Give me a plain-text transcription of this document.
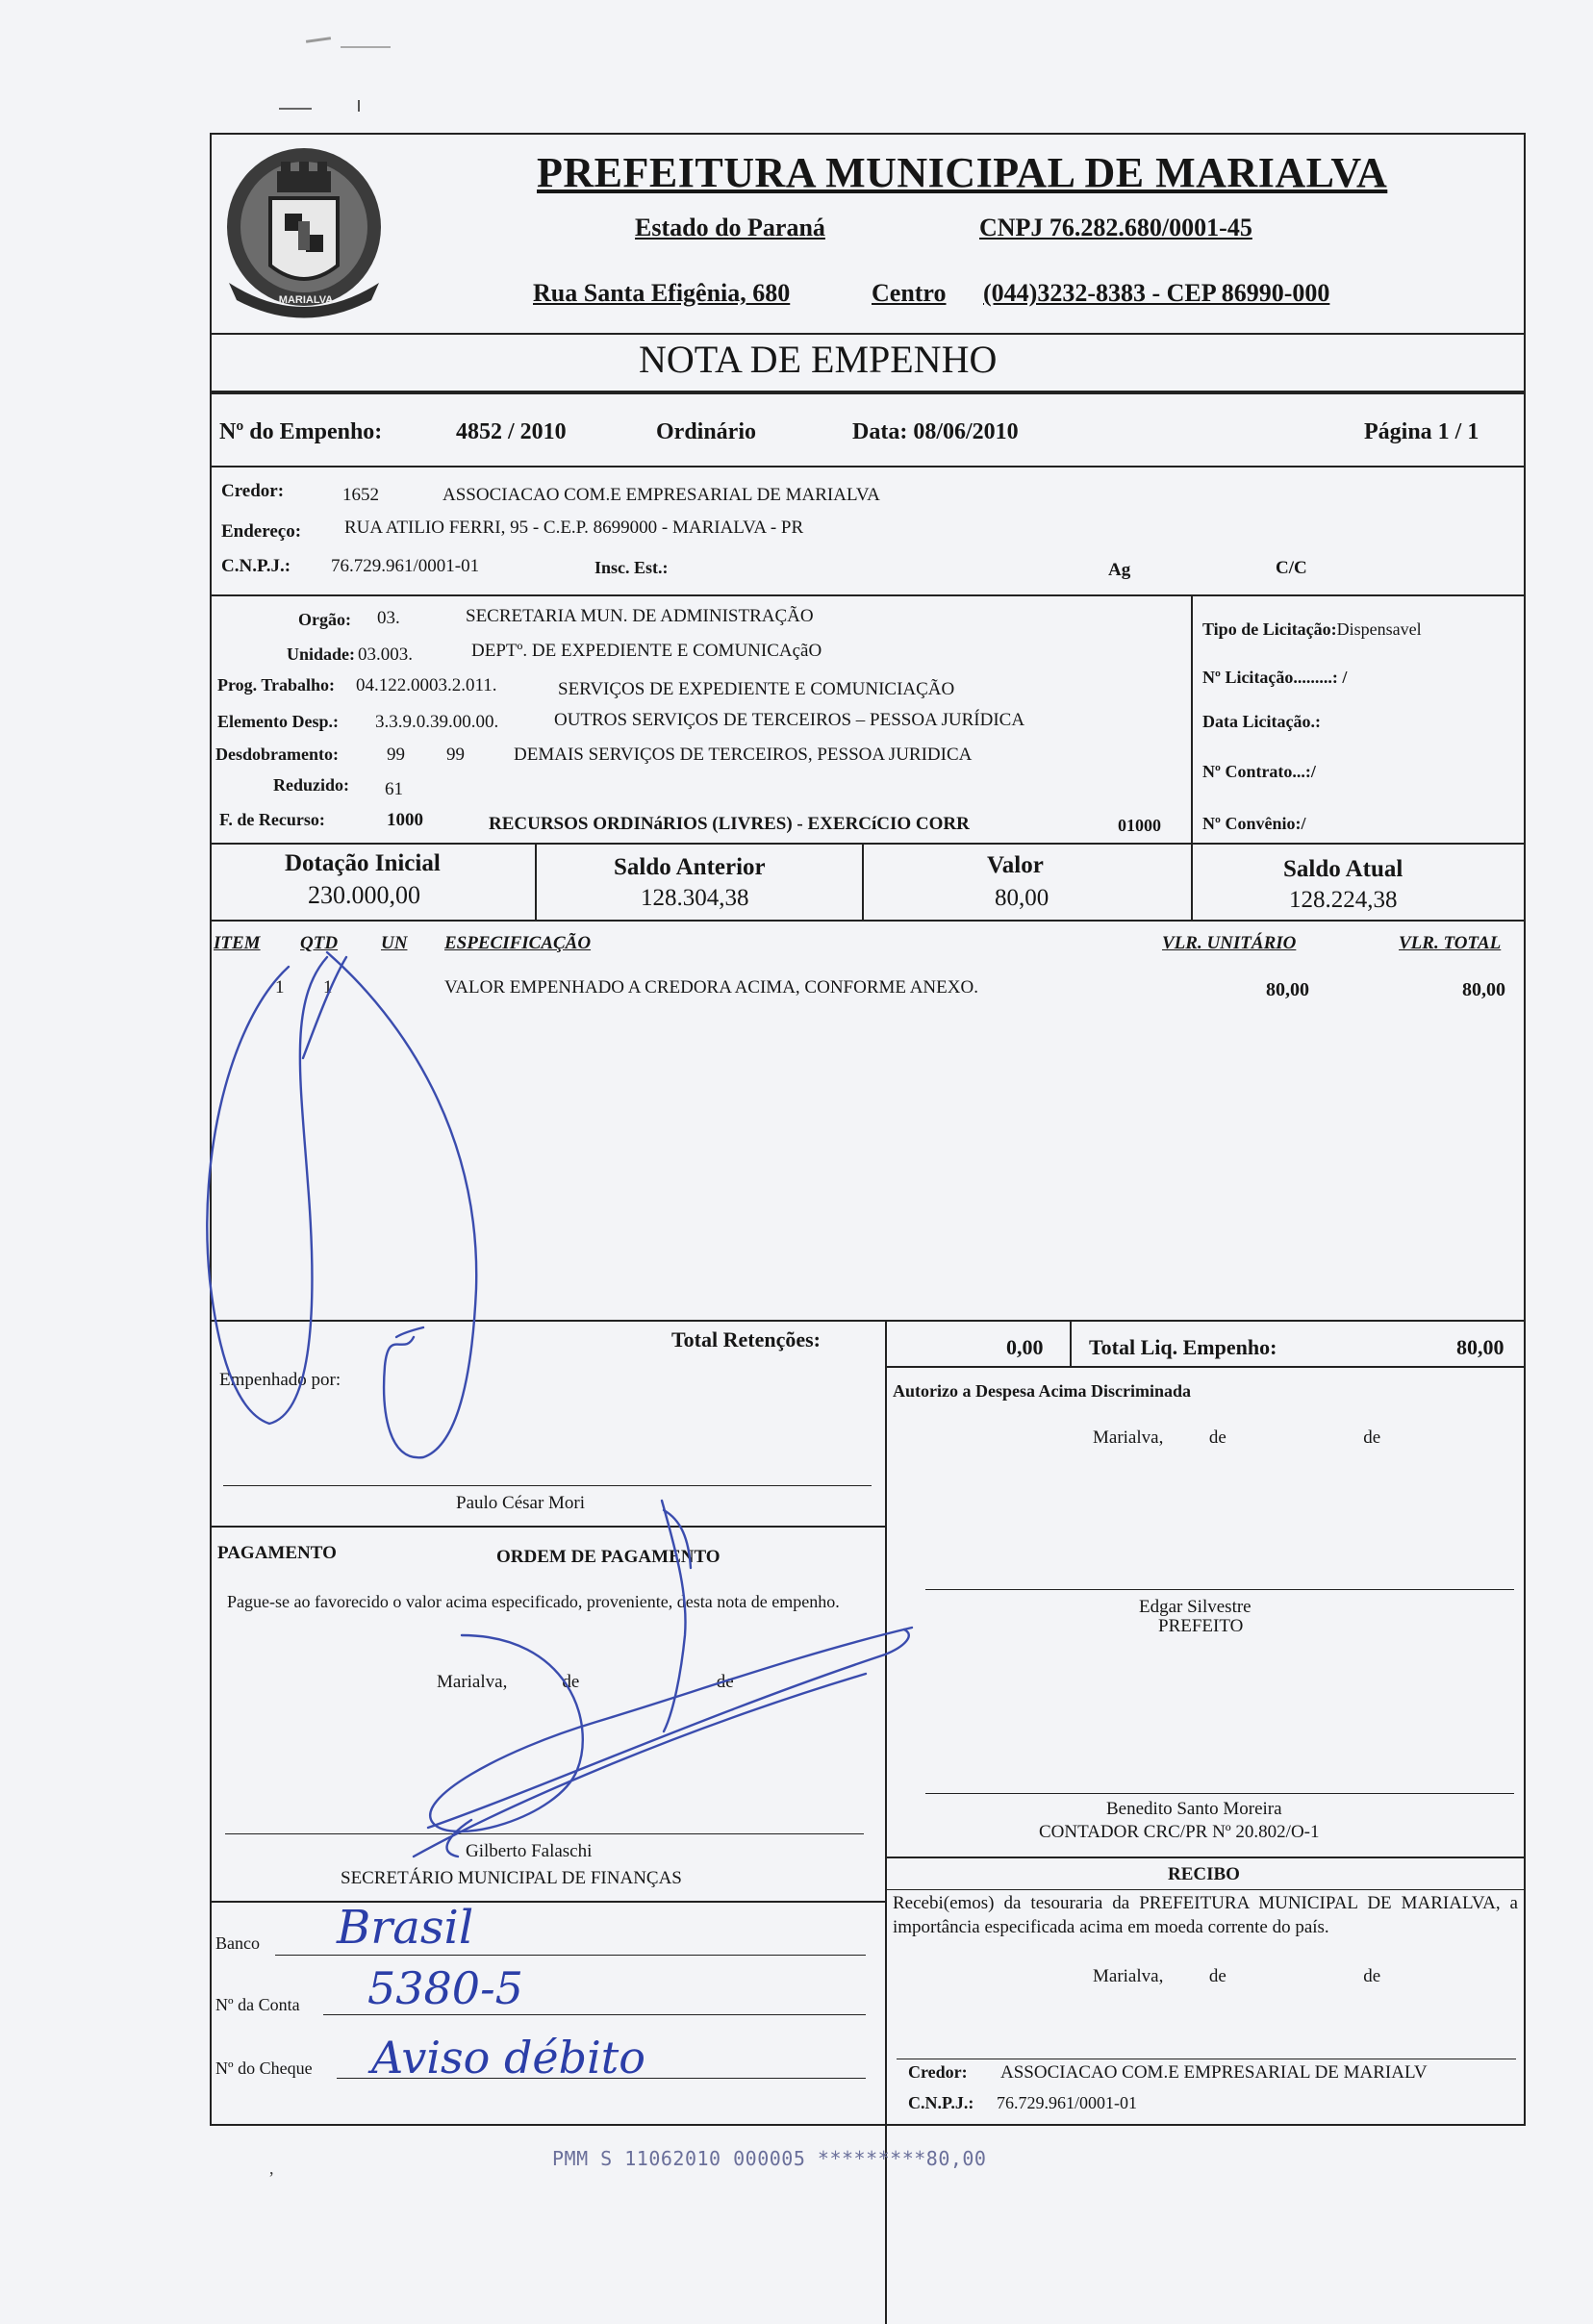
MARIALVA
PREFEITURA MUNICIPAL DE MARIALVA
Estado do Paraná	CNPJ 76.282.680/0001-45
Rua Santa Efigênia, 680	Centro (044)3232-8383 - CEP 86990-000
NOTA DE EMPENHO
Nº do Empenho:	4852 / 2010	Ordinário	Data: 08/06/2010	Página 1 / 1
Credor:	1652	ASSOCIACAO COM.E EMPRESARIAL DE MARIALVA
Endereço: RUA ATILIO FERRI, 95 - C.E.P. 8699000 - MARIALVA - PR
C.N.P.J.: 76.729.961/0001-01	Insc. Est.:	Ag	C/C
Orgão: 03.	SECRETARIA MUN. DE ADMINISTRAÇÃO
Unidade: 03.003.	DEPTº. DE EXPEDIENTE E COMUNICAçãO
Prog. Trabalho: 04.122.0003.2.011.	SERVIÇOS DE EXPEDIENTE E COMUNICIAÇÃO
Elemento Desp.: 3.3.9.0.39.00.00.	OUTROS SERVIÇOS DE TERCEIROS – PESSOA JURÍDICA
Desdobramento:	99 99	DEMAIS SERVIÇOS DE TERCEIROS, PESSOA JURIDICA
Reduzido: 61
F. de Recurso:	1000	RECURSOS ORDINáRIOS (LIVRES) - EXERCíCIO CORR	01000
Tipo de Licitação:Dispensavel
Nº Licitação.........: /
Data Licitação.:
Nº Contrato...:/
Nº Convênio:/
Dotação Inicial
230.000,00
Saldo Anterior
128.304,38
Valor
80,00
Saldo Atual
128.224,38
ITEM QTD UN ESPECIFICAÇÃO	VLR. UNITÁRIO	VLR. TOTAL
1 1	VALOR EMPENHADO A CREDORA ACIMA, CONFORME ANEXO.	80,00	80,00
Total Retenções:	0,00 Total Liq. Empenho:	80,00
Empenhado por:
Paulo César Mori
Autorizo a Despesa Acima Discriminada
Marialva,          de                              de
Edgar Silvestre
PREFEITO
PAGAMENTO	ORDEM DE PAGAMENTO
Pague-se ao favorecido o valor acima especificado, proveniente, desta nota de empenho.
Marialva,            de                              de
Gilberto Falaschi
SECRETÁRIO MUNICIPAL DE FINANÇAS
Benedito Santo Moreira
CONTADOR CRC/PR Nº 20.802/O-1
Banco Brasil
Nº da Conta 5380-5
Nº do Cheque Aviso débito
RECIBO
Recebi(emos) da tesouraria da PREFEITURA MUNICIPAL DE MARIALVA, a importância especificada acima em moeda corrente do país.
Marialva,          de                              de
Credor: ASSOCIACAO COM.E EMPRESARIAL DE MARIALV
C.N.P.J.: 76.729.961/0001-01
PMM S 11062010 000005 *********80,00
,
